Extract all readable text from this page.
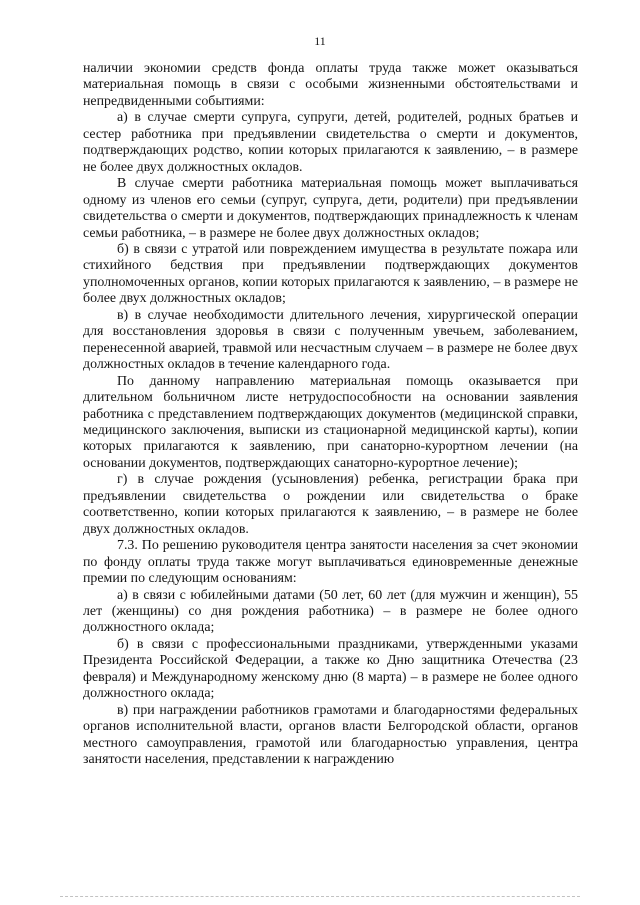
11

наличии экономии средств фонда оплаты труда также может оказываться материальная помощь в связи с особыми жизненными обстоятельствами и непредвиденными событиями:

а) в случае смерти супруга, супруги, детей, родителей, родных братьев и сестер работника при предъявлении свидетельства о смерти и документов, подтверждающих родство, копии которых прилагаются к заявлению, – в размере не более двух должностных окладов.

В случае смерти работника материальная помощь может выплачиваться одному из членов его семьи (супруг, супруга, дети, родители) при предъявлении свидетельства о смерти и документов, подтверждающих принадлежность к членам семьи работника, – в размере не более двух должностных окладов;

б) в связи с утратой или повреждением имущества в результате пожара или стихийного бедствия при предъявлении подтверждающих документов уполномоченных органов, копии которых прилагаются к заявлению, – в размере не более двух должностных окладов;

в) в случае необходимости длительного лечения, хирургической операции для восстановления здоровья в связи с полученным увечьем, заболеванием, перенесенной аварией, травмой или несчастным случаем – в размере не более двух должностных окладов в течение календарного года.

По данному направлению материальная помощь оказывается при длительном больничном листе нетрудоспособности на основании заявления работника с представлением подтверждающих документов (медицинской справки, медицинского заключения, выписки из стационарной медицинской карты), копии которых прилагаются к заявлению, при санаторно-курортном лечении (на основании документов, подтверждающих санаторно-курортное лечение);

г) в случае рождения (усыновления) ребенка, регистрации брака при предъявлении свидетельства о рождении или свидетельства о браке соответственно, копии которых прилагаются к заявлению, – в размере не более двух должностных окладов.

7.3. По решению руководителя центра занятости населения за счет экономии по фонду оплаты труда также могут выплачиваться единовременные денежные премии по следующим основаниям:

а) в связи с юбилейными датами (50 лет, 60 лет (для мужчин и женщин), 55 лет (женщины) со дня рождения работника) – в размере не более одного должностного оклада;

б) в связи с профессиональными праздниками, утвержденными указами Президента Российской Федерации, а также ко Дню защитника Отечества (23 февраля) и Международному женскому дню (8 марта) – в размере не более одного должностного оклада;

в) при награждении работников грамотами и благодарностями федеральных органов исполнительной власти, органов власти Белгородской области, органов местного самоуправления, грамотой или благодарностью управления, центра занятости населения, представлении к награждению
